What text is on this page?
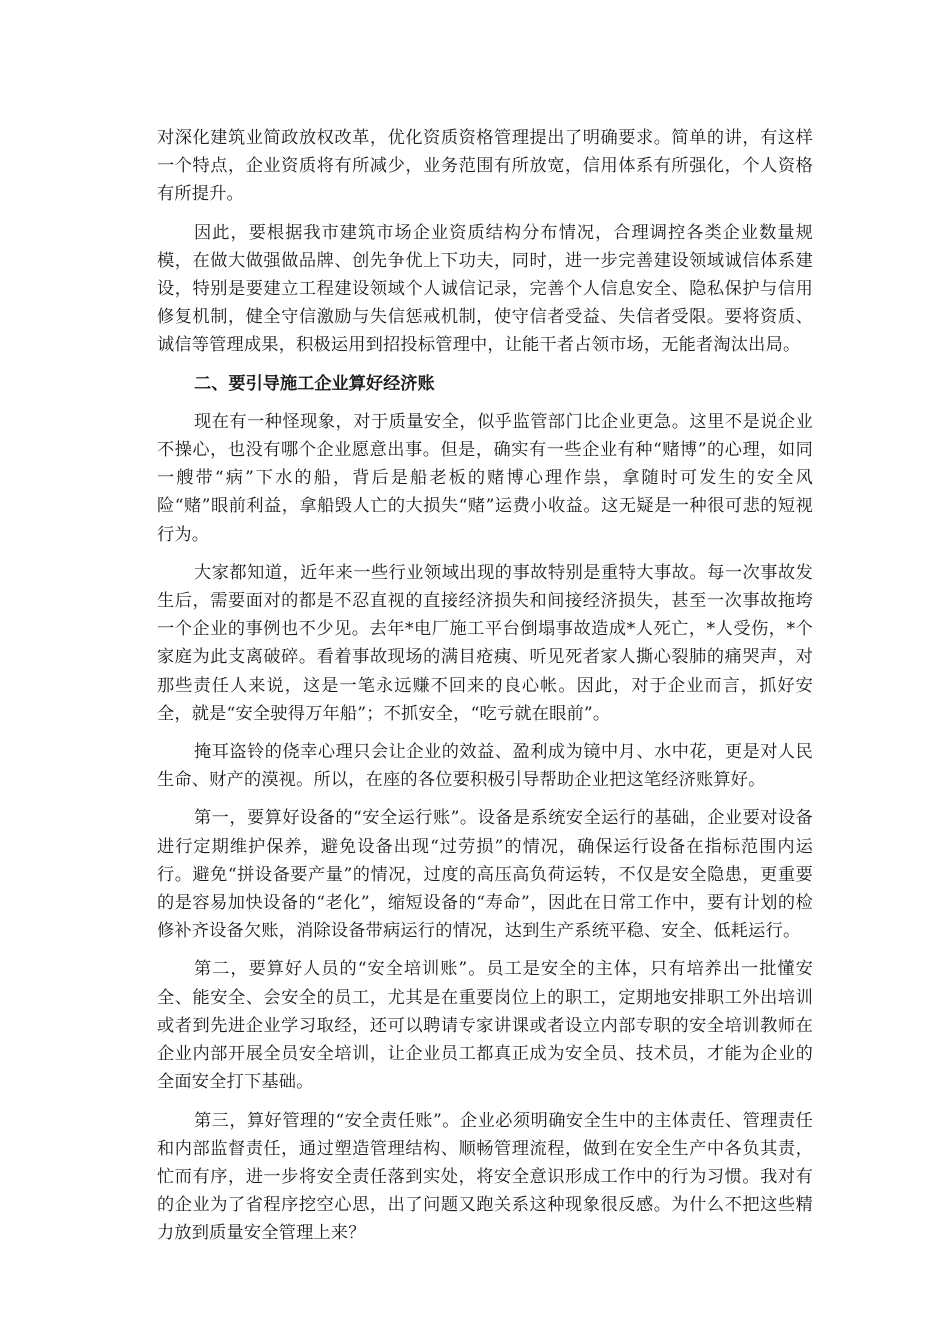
对深化建筑业简政放权改革，优化资质资格管理提出了明确要求。简单的讲，有这样一个特点，企业资质将有所减少，业务范围有所放宽，信用体系有所强化，个人资格有所提升。

因此，要根据我市建筑市场企业资质结构分布情况，合理调控各类企业数量规模，在做大做强做品牌、创先争优上下功夫，同时，进一步完善建设领域诚信体系建设，特别是要建立工程建设领域个人诚信记录，完善个人信息安全、隐私保护与信用修复机制，健全守信激励与失信惩戒机制，使守信者受益、失信者受限。要将资质、诚信等管理成果，积极运用到招投标管理中，让能干者占领市场，无能者淘汰出局。

二、要引导施工企业算好经济账

现在有一种怪现象，对于质量安全，似乎监管部门比企业更急。这里不是说企业不操心，也没有哪个企业愿意出事。但是，确实有一些企业有种“赌博”的心理，如同一艘带“病”下水的船，背后是船老板的赌博心理作祟，拿随时可发生的安全风险“赌”眼前利益，拿船毁人亡的大损失“赌”运费小收益。这无疑是一种很可悲的短视行为。

大家都知道，近年来一些行业领域出现的事故特别是重特大事故。每一次事故发生后，需要面对的都是不忍直视的直接经济损失和间接经济损失，甚至一次事故拖垮一个企业的事例也不少见。去年*电厂施工平台倒塌事故造成*人死亡，*人受伤，*个家庭为此支离破碎。看着事故现场的满目疮痍、听见死者家人撕心裂肺的痛哭声，对那些责任人来说，这是一笔永远赚不回来的良心帐。因此，对于企业而言，抓好安全，就是“安全驶得万年船”；不抓安全，“吃亏就在眼前”。

掩耳盗铃的侥幸心理只会让企业的效益、盈利成为镜中月、水中花，更是对人民生命、财产的漠视。所以，在座的各位要积极引导帮助企业把这笔经济账算好。

第一，要算好设备的“安全运行账”。设备是系统安全运行的基础，企业要对设备进行定期维护保养，避免设备出现“过劳损”的情况，确保运行设备在指标范围内运行。避免“拼设备要产量”的情况，过度的高压高负荷运转，不仅是安全隐患，更重要的是容易加快设备的“老化”，缩短设备的“寿命”，因此在日常工作中，要有计划的检修补齐设备欠账，消除设备带病运行的情况，达到生产系统平稳、安全、低耗运行。

第二，要算好人员的“安全培训账”。员工是安全的主体，只有培养出一批懂安全、能安全、会安全的员工，尤其是在重要岗位上的职工，定期地安排职工外出培训或者到先进企业学习取经，还可以聘请专家讲课或者设立内部专职的安全培训教师在企业内部开展全员安全培训，让企业员工都真正成为安全员、技术员，才能为企业的全面安全打下基础。

第三，算好管理的“安全责任账”。企业必须明确安全生中的主体责任、管理责任和内部监督责任，通过塑造管理结构、顺畅管理流程，做到在安全生产中各负其责，忙而有序，进一步将安全责任落到实处，将安全意识形成工作中的行为习惯。我对有的企业为了省程序挖空心思，出了问题又跑关系这种现象很反感。为什么不把这些精力放到质量安全管理上来？
